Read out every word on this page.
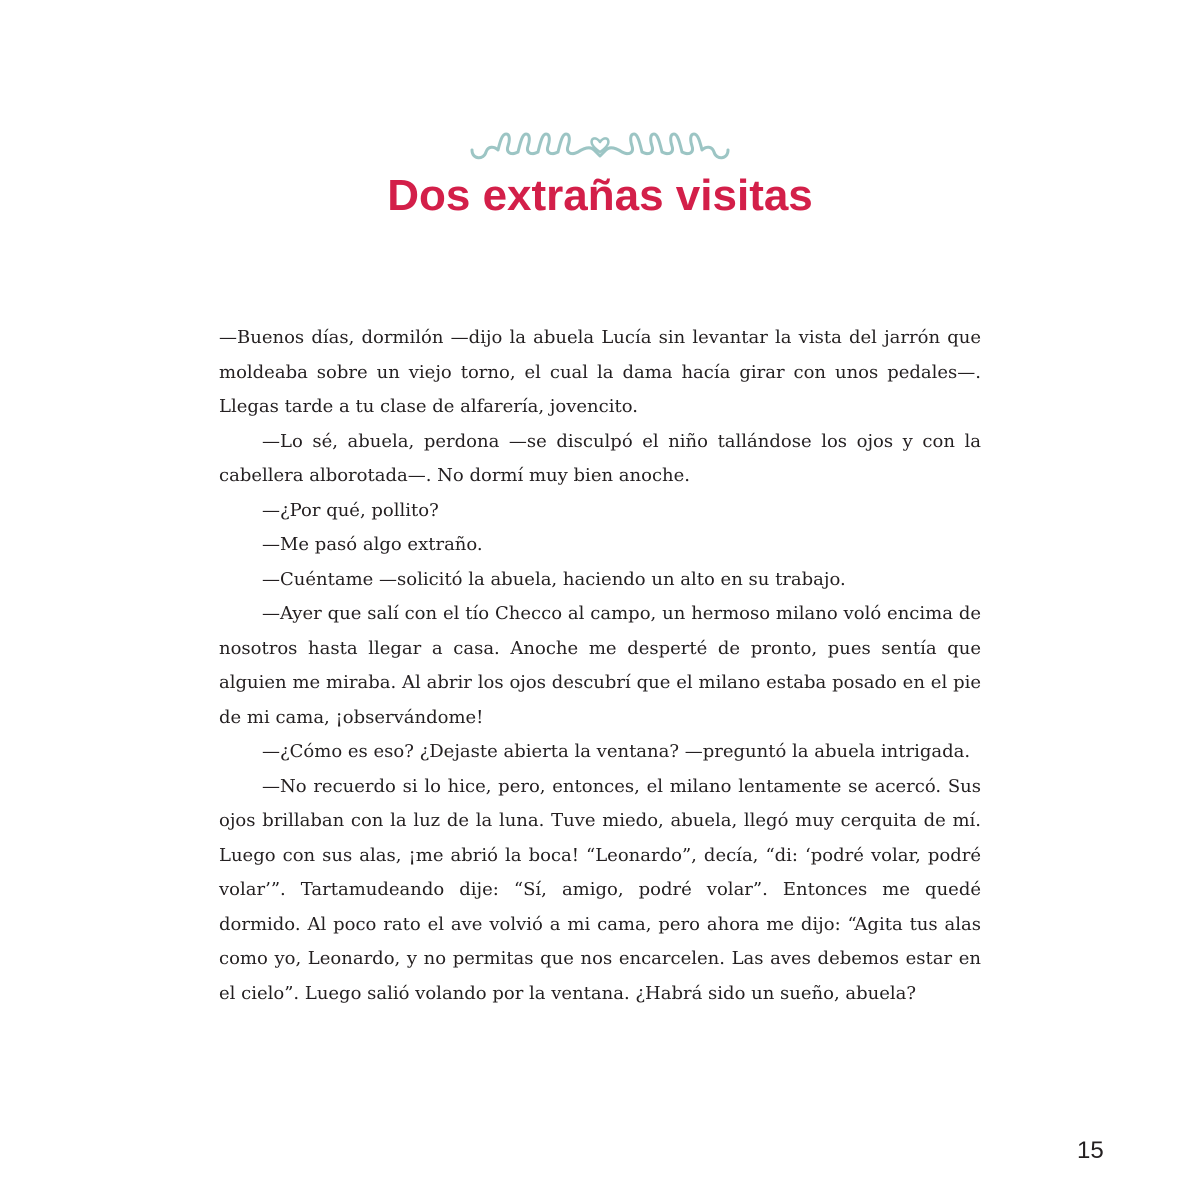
Dos extrañas visitas

—Buenos días, dormilón —dijo la abuela Lucía sin levantar la vista del jarrón que moldeaba sobre un viejo torno, el cual la dama hacía girar con unos pedales—. Llegas tarde a tu clase de alfarería, jovencito.

—Lo sé, abuela, perdona —se disculpó el niño tallándose los ojos y con la cabellera alborotada—. No dormí muy bien anoche.

—¿Por qué, pollito?

—Me pasó algo extraño.

—Cuéntame —solicitó la abuela, haciendo un alto en su trabajo.

—Ayer que salí con el tío Checco al campo, un hermoso milano voló encima de nosotros hasta llegar a casa. Anoche me desperté de pronto, pues sentía que alguien me miraba. Al abrir los ojos descubrí que el milano estaba posado en el pie de mi cama, ¡observándome!

—¿Cómo es eso? ¿Dejaste abierta la ventana? —preguntó la abuela intrigada.

—No recuerdo si lo hice, pero, entonces, el milano lentamente se acercó. Sus ojos brillaban con la luz de la luna. Tuve miedo, abuela, llegó muy cerquita de mí. Luego con sus alas, ¡me abrió la boca! “Leonardo”, decía, “di: ‘podré volar, podré volar’”. Tartamudeando dije: “Sí, amigo, podré volar”. Entonces me quedé dormido. Al poco rato el ave volvió a mi cama, pero ahora me dijo: “Agita tus alas como yo, Leonardo, y no permitas que nos encarcelen. Las aves debemos estar en el cielo”. Luego salió volando por la ventana. ¿Habrá sido un sueño, abuela?

15
